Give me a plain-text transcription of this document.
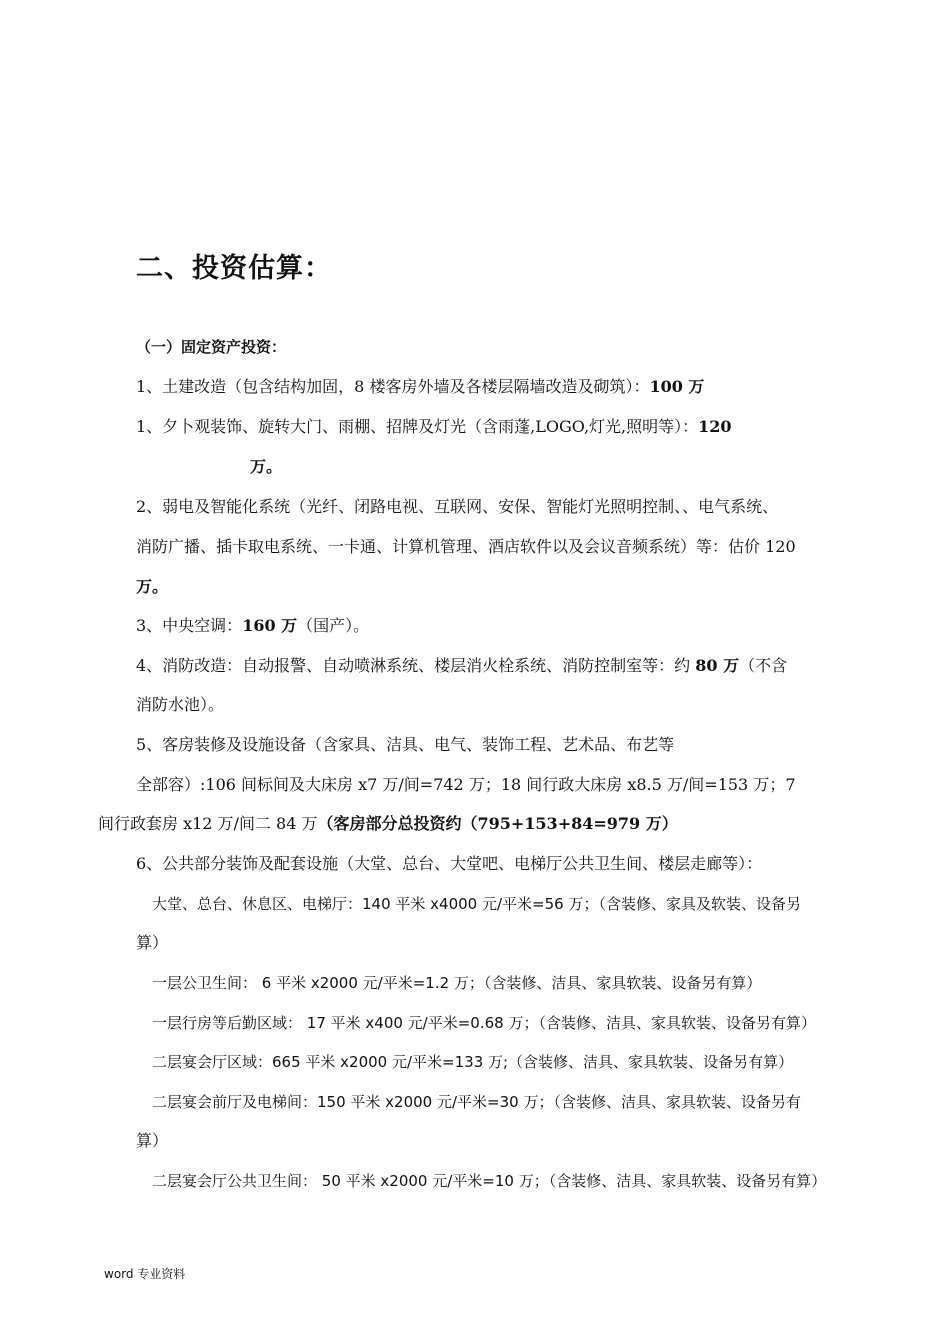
二、投资估算：
（一）固定资产投资：
1、土建改造（包含结构加固，8 楼客房外墙及各楼层隔墙改造及砌筑）：100 万
1、夕卜观装饰、旋转大门、雨棚、招牌及灯光（含雨蓬,LOGO,灯光,照明等）：120
万。
2、弱电及智能化系统（光纤、闭路电视、互联网、安保、智能灯光照明控制、、电气系统、
消防广播、插卡取电系统、一卡通、计算机管理、酒店软件以及会议音频系统）等：估价 120
万。
3、中央空调：160 万（国产）。
4、消防改造：自动报警、自动喷淋系统、楼层消火栓系统、消防控制室等：约 80 万（不含
消防水池）。
5、客房装修及设施设备（含家具、洁具、电气、装饰工程、艺术品、布艺等
全部容）:106 间标间及大床房 x7 万/间=742 万；18 间行政大床房 x8.5 万/间=153 万；7
间行政套房 x12 万/间二 84 万（客房部分总投资约（795+153+84=979 万）
6、公共部分装饰及配套设施（大堂、总台、大堂吧、电梯厅公共卫生间、楼层走廊等）：
大堂、总台、休息区、电梯厅：140 平米 x4000 元/平米=56 万；（含装修、家具及软装、设备另
算）
一层公卫生间： 6 平米 x2000 元/平米=1.2 万；（含装修、洁具、家具软装、设备另有算）
一层行房等后勤区域： 17 平米 x400 元/平米=0.68 万；（含装修、洁具、家具软装、设备另有算）
二层宴会厅区域：665 平米 x2000 元/平米=133 万;（含装修、洁具、家具软装、设备另有算）
二层宴会前厅及电梯间：150 平米 x2000 元/平米=30 万；（含装修、洁具、家具软装、设备另有
算）
二层宴会厅公共卫生间： 50 平米 x2000 元/平米=10 万；（含装修、洁具、家具软装、设备另有算）
word 专业资料
